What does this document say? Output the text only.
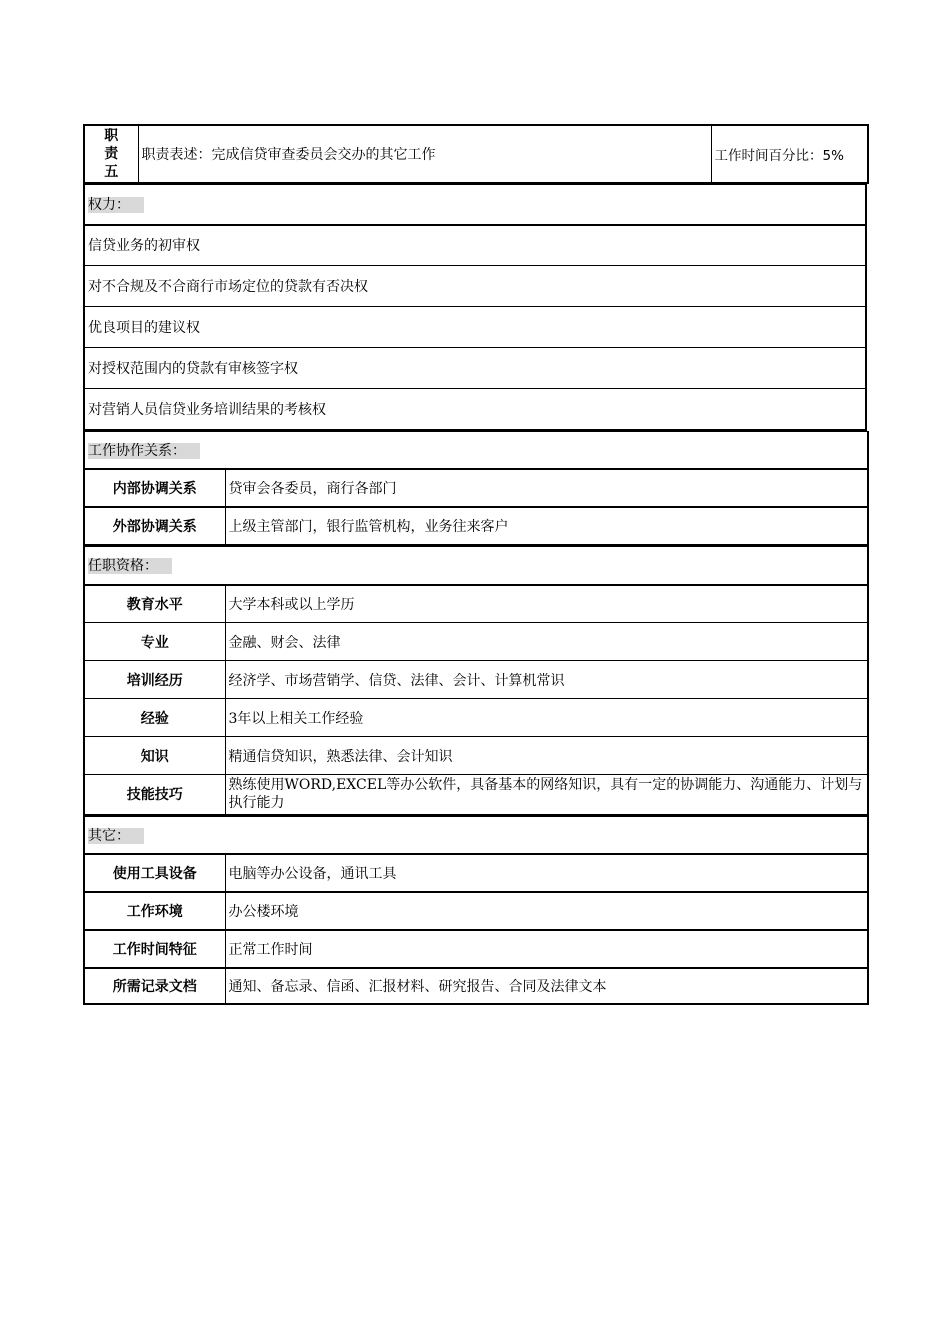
职
责
五
	职责表述：完成信贷审查委员会交办的其它工作	工作时间百分比：5%
权力：
信贷业务的初审权
对不合规及不合商行市场定位的贷款有否决权
优良项目的建议权
对授权范围内的贷款有审核签字权
对营销人员信贷业务培训结果的考核权
工作协作关系：	
内部协调关系	贷审会各委员，商行各部门
外部协调关系	上级主管部门，银行监管机构，业务往来客户
任职资格：	
教育水平	大学本科或以上学历
专业	金融、财会、法律
培训经历	经济学、市场营销学、信贷、法律、会计、计算机常识
经验	3年以上相关工作经验
知识	精通信贷知识，熟悉法律、会计知识
技能技巧	熟练使用WORD,EXCEL等办公软件，具备基本的网络知识，具有一定的协调能力、沟通能力、计划与执行能力
其它：	
使用工具设备	电脑等办公设备，通讯工具
工作环境	办公楼环境
工作时间特征	正常工作时间
所需记录文档	通知、备忘录、信函、汇报材料、研究报告、合同及法律文本
